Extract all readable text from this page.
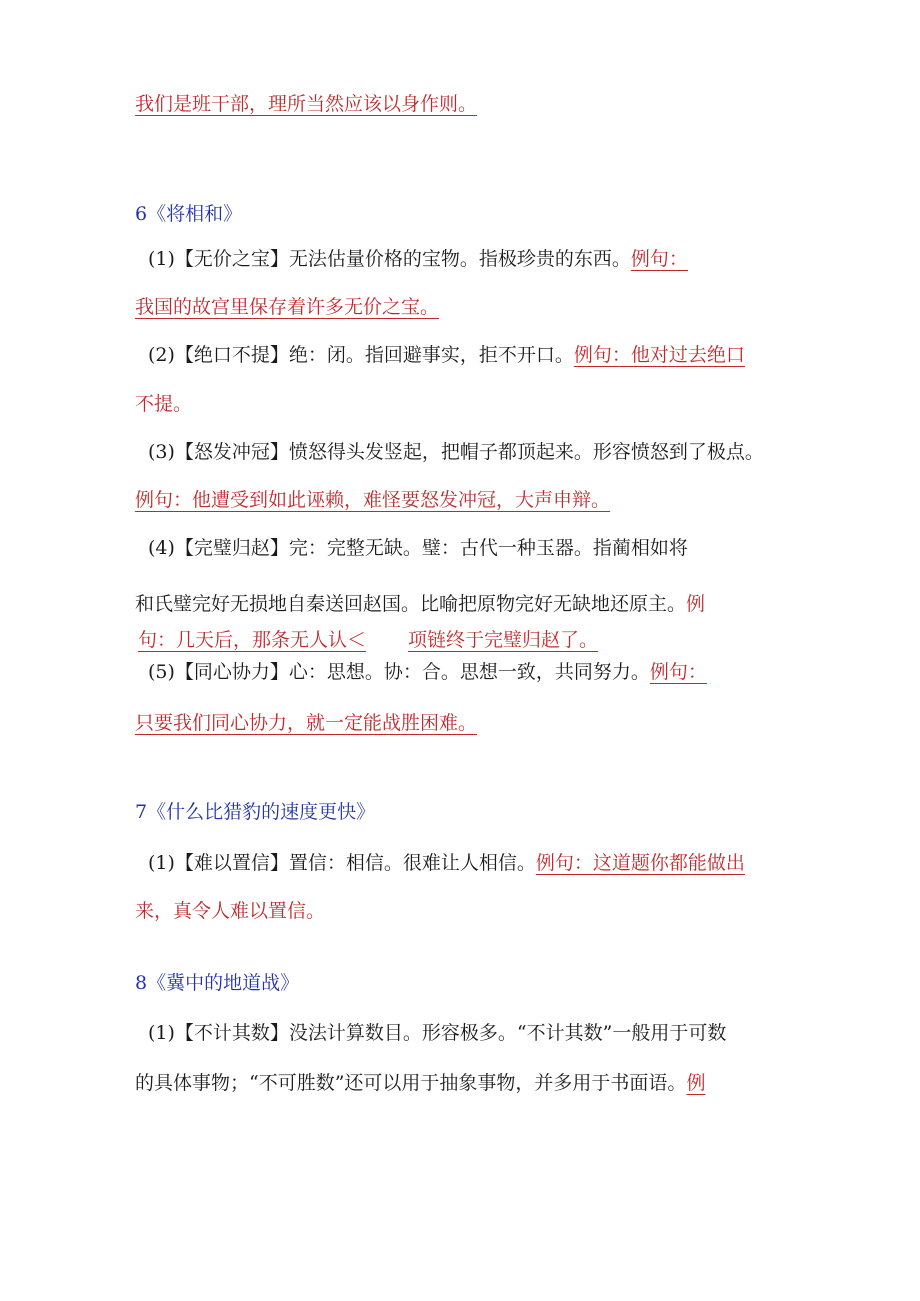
我们是班干部，理所当然应该以身作则。
6《将相和》
(1)【无价之宝】无法估量价格的宝物。指极珍贵的东西。例句：
我国的故宫里保存着许多无价之宝。
(2)【绝口不提】绝：闭。指回避事实，拒不开口。例句：他对过去绝口
不提。
(3)【怒发冲冠】愤怒得头发竖起，把帽子都顶起来。形容愤怒到了极点。
例句：他遭受到如此诬赖，难怪要怒发冲冠，大声申辩。
(4)【完璧归赵】完：完整无缺。璧：古代一种玉器。指蔺相如将
和氏璧完好无损地自秦送回赵国。比喻把原物完好无缺地还原主。例
句：几天后，那条无人认＜ 项链终于完璧归赵了。
(5)【同心协力】心：思想。协：合。思想一致，共同努力。例句：
只要我们同心协力，就一定能战胜困难。
7《什么比猎豹的速度更快》
(1)【难以置信】置信：相信。很难让人相信。例句：这道题你都能做出
来，真令人难以置信。
8《冀中的地道战》
(1)【不计其数】没法计算数目。形容极多。“不计其数”一般用于可数
的具体事物；“不可胜数”还可以用于抽象事物，并多用于书面语。例
